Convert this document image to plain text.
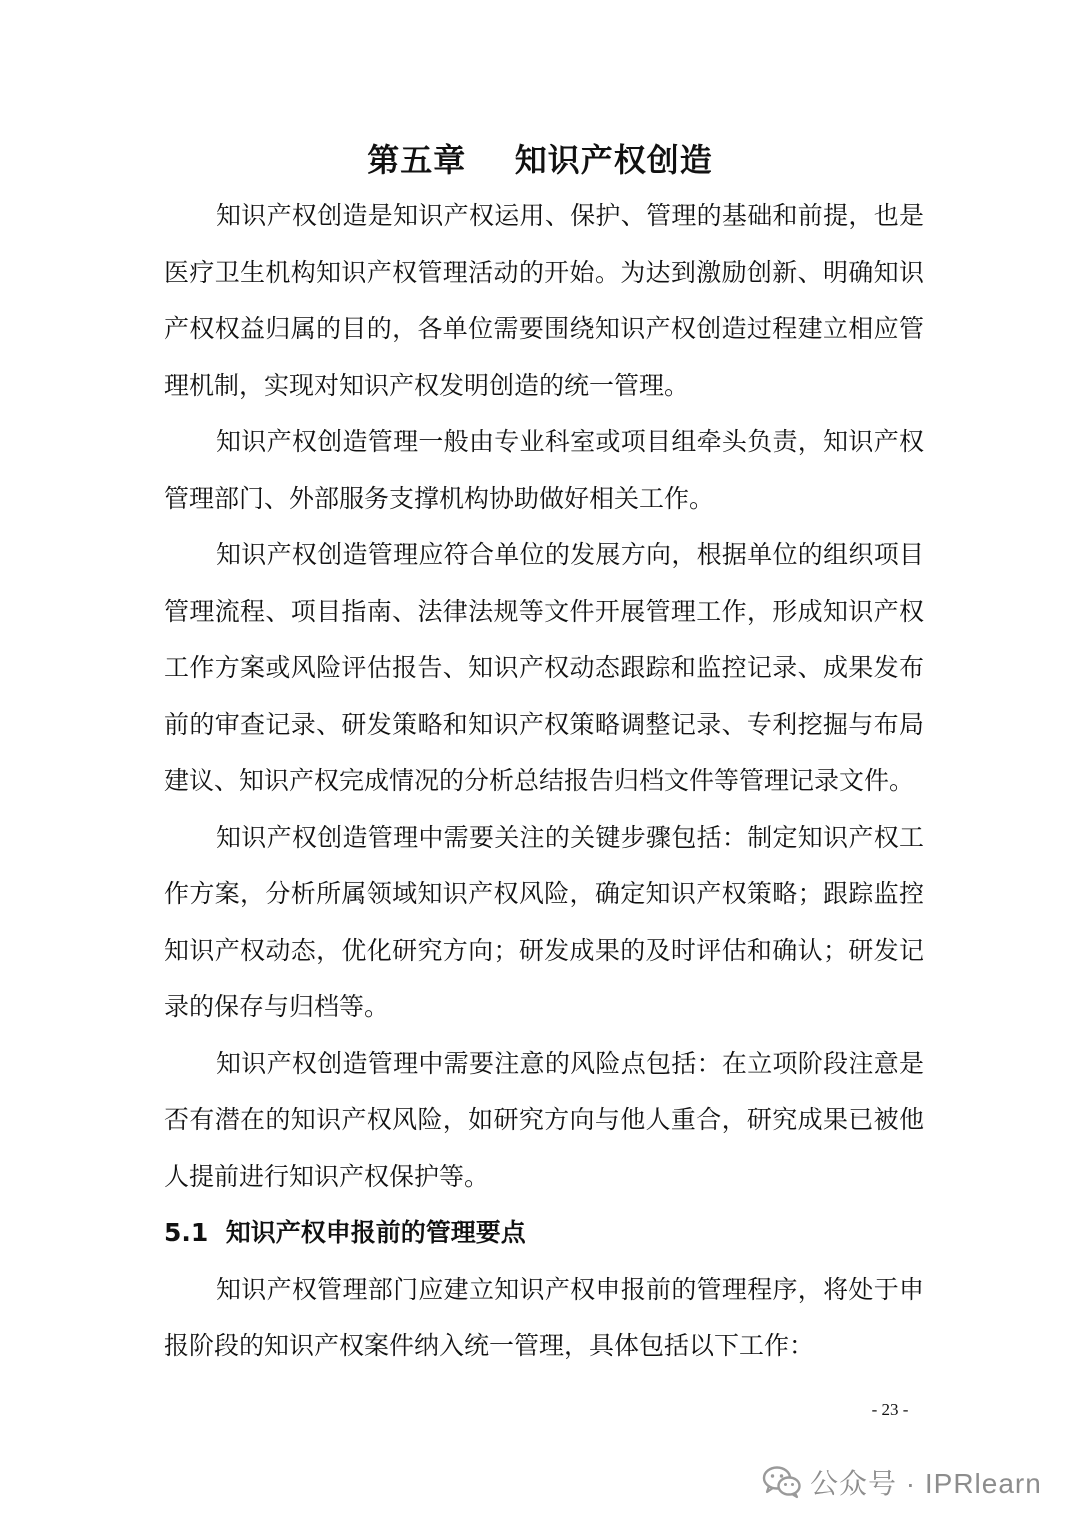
第五章    知识产权创造

知识产权创造是知识产权运用、保护、管理的基础和前提，也是医疗卫生机构知识产权管理活动的开始。为达到激励创新、明确知识产权权益归属的目的，各单位需要围绕知识产权创造过程建立相应管理机制，实现对知识产权发明创造的统一管理。

知识产权创造管理一般由专业科室或项目组牵头负责，知识产权管理部门、外部服务支撑机构协助做好相关工作。

知识产权创造管理应符合单位的发展方向，根据单位的组织项目管理流程、项目指南、法律法规等文件开展管理工作，形成知识产权工作方案或风险评估报告、知识产权动态跟踪和监控记录、成果发布前的审查记录、研发策略和知识产权策略调整记录、专利挖掘与布局建议、知识产权完成情况的分析总结报告归档文件等管理记录文件。

知识产权创造管理中需要关注的关键步骤包括：制定知识产权工作方案，分析所属领域知识产权风险，确定知识产权策略；跟踪监控知识产权动态，优化研究方向；研发成果的及时评估和确认；研发记录的保存与归档等。

知识产权创造管理中需要注意的风险点包括：在立项阶段注意是否有潜在的知识产权风险，如研究方向与他人重合，研究成果已被他人提前进行知识产权保护等。

5.1  知识产权申报前的管理要点

知识产权管理部门应建立知识产权申报前的管理程序，将处于申报阶段的知识产权案件纳入统一管理，具体包括以下工作：

- 23 -
公众号 · IPRlearn
